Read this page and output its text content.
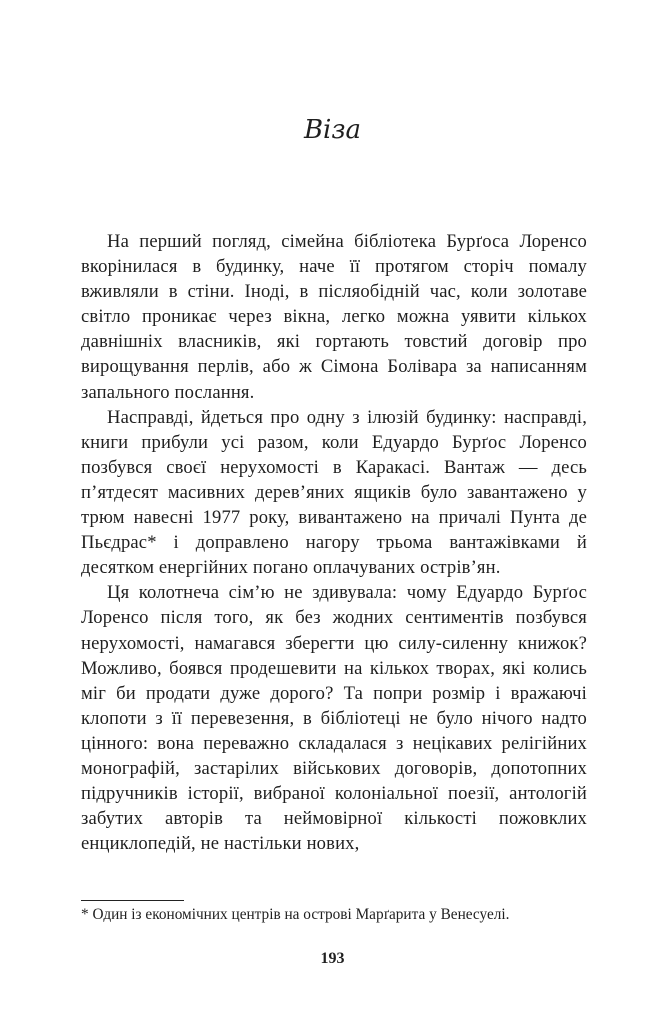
Віза

На перший погляд, сімейна бібліотека Бурґоса Лоренсо вкорінилася в будинку, наче її протягом сторіч помалу вживляли в стіни. Іноді, в післяобідній час, коли золотаве світло проникає через вікна, легко можна уявити кількох давнішніх власників, які гортають товстий договір про вирощування перлів, або ж Сімона Болівара за написанням запального послання.

Насправді, йдеться про одну з ілюзій будинку: насправді, книги прибули усі разом, коли Едуардо Бурґос Лоренсо позбувся своєї нерухомості в Каракасі. Вантаж — десь п’ятдесят масивних дерев’яних ящиків було завантажено у трюм навесні 1977 року, вивантажено на причалі Пунта де Пьєдрас* і доправлено нагору трьома вантажівками й десятком енергійних погано оплачуваних острів’ян.

Ця колотнеча сім’ю не здивувала: чому Едуардо Бурґос Лоренсо після того, як без жодних сентиментів позбувся нерухомості, намагався зберегти цю силу-силенну книжок? Можливо, боявся продешевити на кількох творах, які колись міг би продати дуже дорого? Та попри розмір і вражаючі клопоти з її перевезення, в бібліотеці не було нічого надто цінного: вона переважно складалася з нецікавих релігійних монографій, застарілих військових договорів, допотопних підручників історії, вибраної колоніальної поезії, антологій забутих авторів та неймовірної кількості пожовклих енциклопедій, не настільки нових,

* Один із економічних центрів на острові Марґарита у Венесуелі.

193
